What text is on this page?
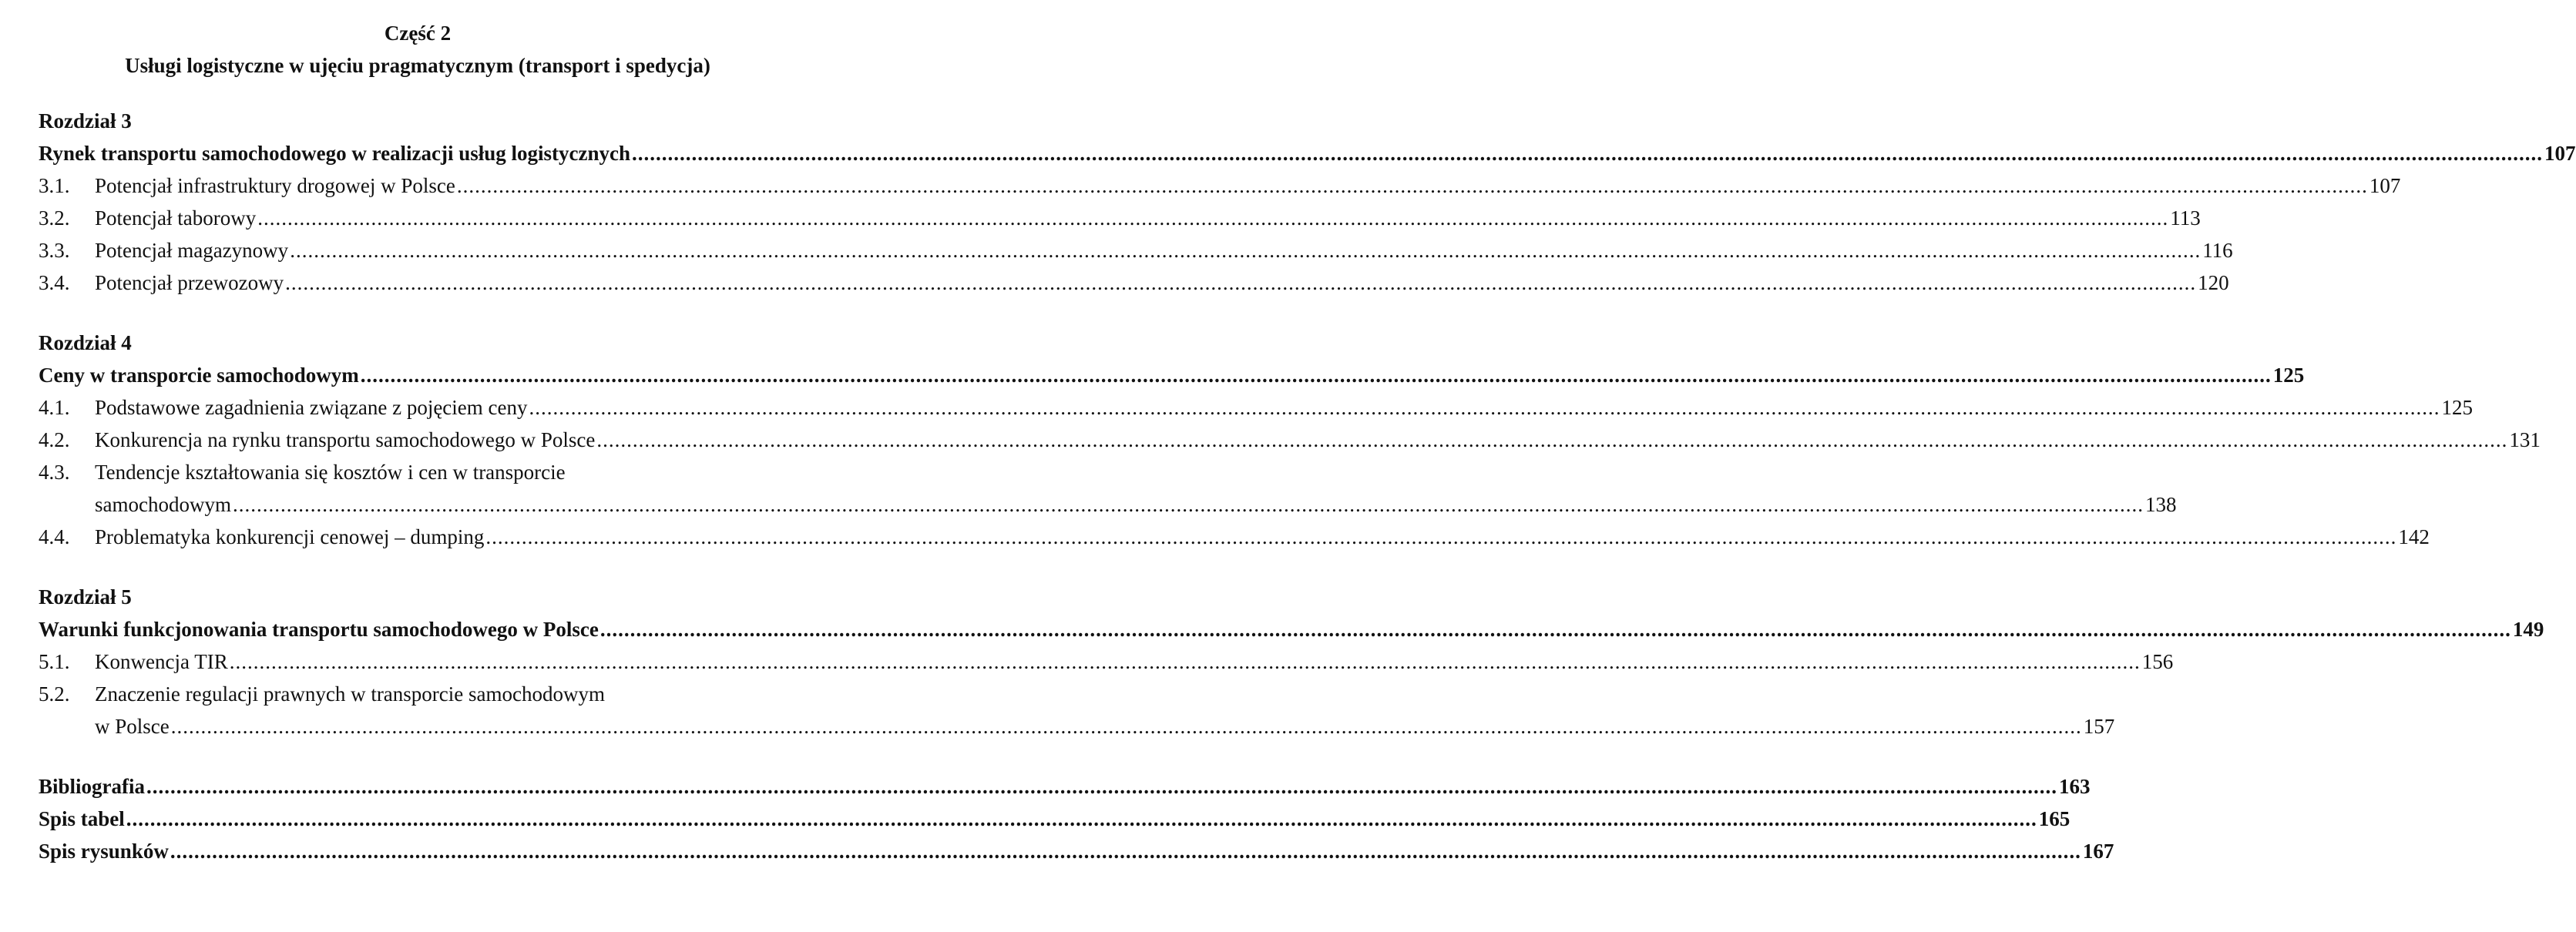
Część 2
Usługi logistyczne w ujęciu pragmatycznym (transport i spedycja)
Rozdział 3
Rynek transportu samochodowego w realizacji usług logistycznych .....	107
3.1.	Potencjał infrastruktury drogowej w Polsce .....	107
3.2.	Potencjał taborowy .....	113
3.3.	Potencjał magazynowy .....	116
3.4.	Potencjał przewozowy .....	120
Rozdział 4
Ceny w transporcie samochodowym .....	125
4.1.	Podstawowe zagadnienia związane z pojęciem ceny .....	125
4.2.	Konkurencja na rynku transportu samochodowego w Polsce .....	131
4.3.	Tendencje kształtowania się kosztów i cen w transporcie
samochodowym .....	138
4.4.	Problematyka konkurencji cenowej – dumping .....	142
Rozdział 5
Warunki funkcjonowania transportu samochodowego w Polsce .....	149
5.1.	Konwencja TIR .....	156
5.2.	Znaczenie regulacji prawnych w transporcie samochodowym
w Polsce .....	157
Bibliografia .....	163
Spis tabel .....	165
Spis rysunków .....	167
